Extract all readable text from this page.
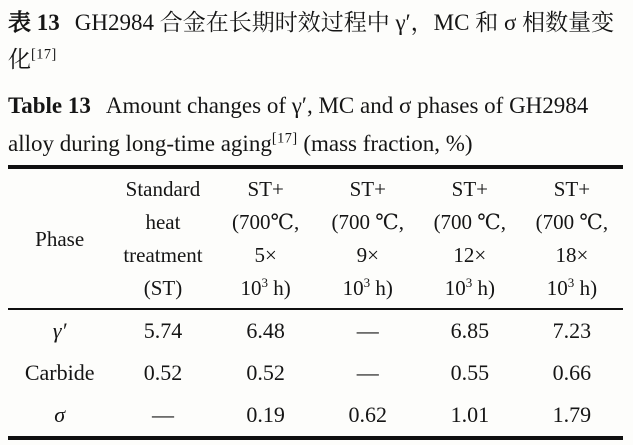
表 13 GH2984 合金在长期时效过程中 γ′，MC 和 σ 相数量变化[17]

Table 13 Amount changes of γ′, MC and σ phases of GH2984 alloy during long-time aging[17] (mass fraction, %)

Phase	Standard
heat
treatment
(ST)	ST+
(700℃,
5×
$10^3$ h)	ST+
(700 ℃,
9×
$10^3$ h)	ST+
(700 ℃,
12×
$10^3$ h)	ST+
(700 ℃,
18×
$10^3$ h)

γ′	5.74	6.48	—	6.85	7.23
Carbide	0.52	0.52	—	0.55	0.66
σ	—	0.19	0.62	1.01	1.79
